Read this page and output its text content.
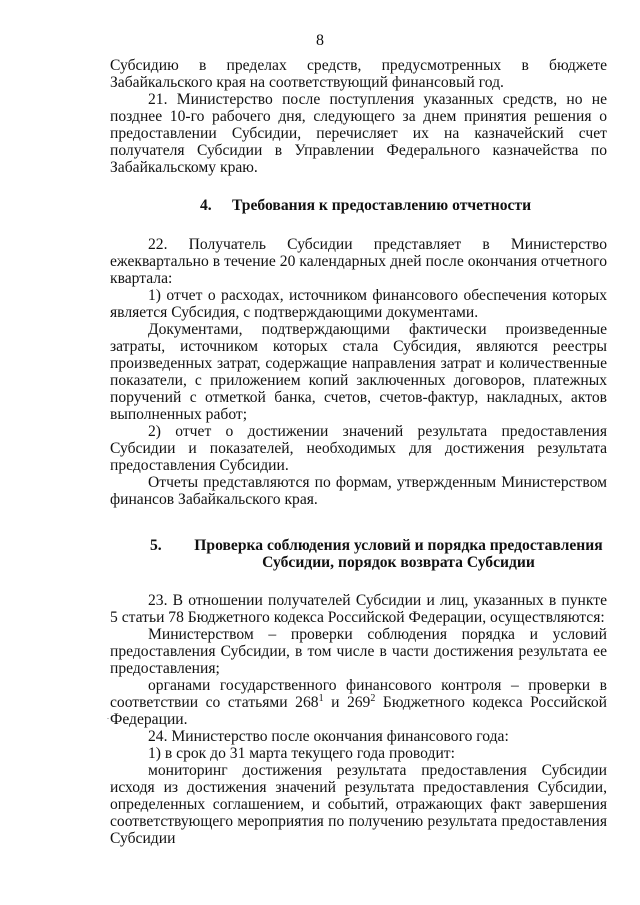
8

Субсидию в пределах средств, предусмотренных в бюджете Забайкальского края на соответствующий финансовый год.

21. Министерство после поступления указанных средств, но не позднее 10-го рабочего дня, следующего за днем принятия решения о предоставлении Субсидии, перечисляет их на казначейский счет получателя Субсидии в Управлении Федерального казначейства по Забайкальскому краю.

4.	Требования к предоставлению отчетности

22. Получатель Субсидии представляет в Министерство ежеквартально в течение 20 календарных дней после окончания отчетного квартала:

1) отчет о расходах, источником финансового обеспечения которых является Субсидия, с подтверждающими документами.

Документами, подтверждающими фактически произведенные затраты, источником которых стала Субсидия, являются реестры произведенных затрат, содержащие направления затрат и количественные показатели, с приложением копий заключенных договоров, платежных поручений с отметкой банка, счетов, счетов-фактур, накладных, актов выполненных работ;

2) отчет о достижении значений результата предоставления Субсидии и показателей, необходимых для достижения результата предоставления Субсидии.

Отчеты представляются по формам, утвержденным Министерством финансов Забайкальского края.

5.	Проверка соблюдения условий и порядка предоставления
Субсидии, порядок возврата Субсидии

23. В отношении получателей Субсидии и лиц, указанных в пункте 5 статьи 78 Бюджетного кодекса Российской Федерации, осуществляются:

Министерством – проверки соблюдения порядка и условий предоставления Субсидии, в том числе в части достижения результата ее предоставления;

органами государственного финансового контроля – проверки в соответствии со статьями $268^1$ и $269^2$ Бюджетного кодекса Российской Федерации.

24. Министерство после окончания финансового года:

1) в срок до 31 марта текущего года проводит:

мониторинг достижения результата предоставления Субсидии исходя из достижения значений результата предоставления Субсидии, определенных соглашением, и событий, отражающих факт завершения соответствующего мероприятия по получению результата предоставления Субсидии

.
